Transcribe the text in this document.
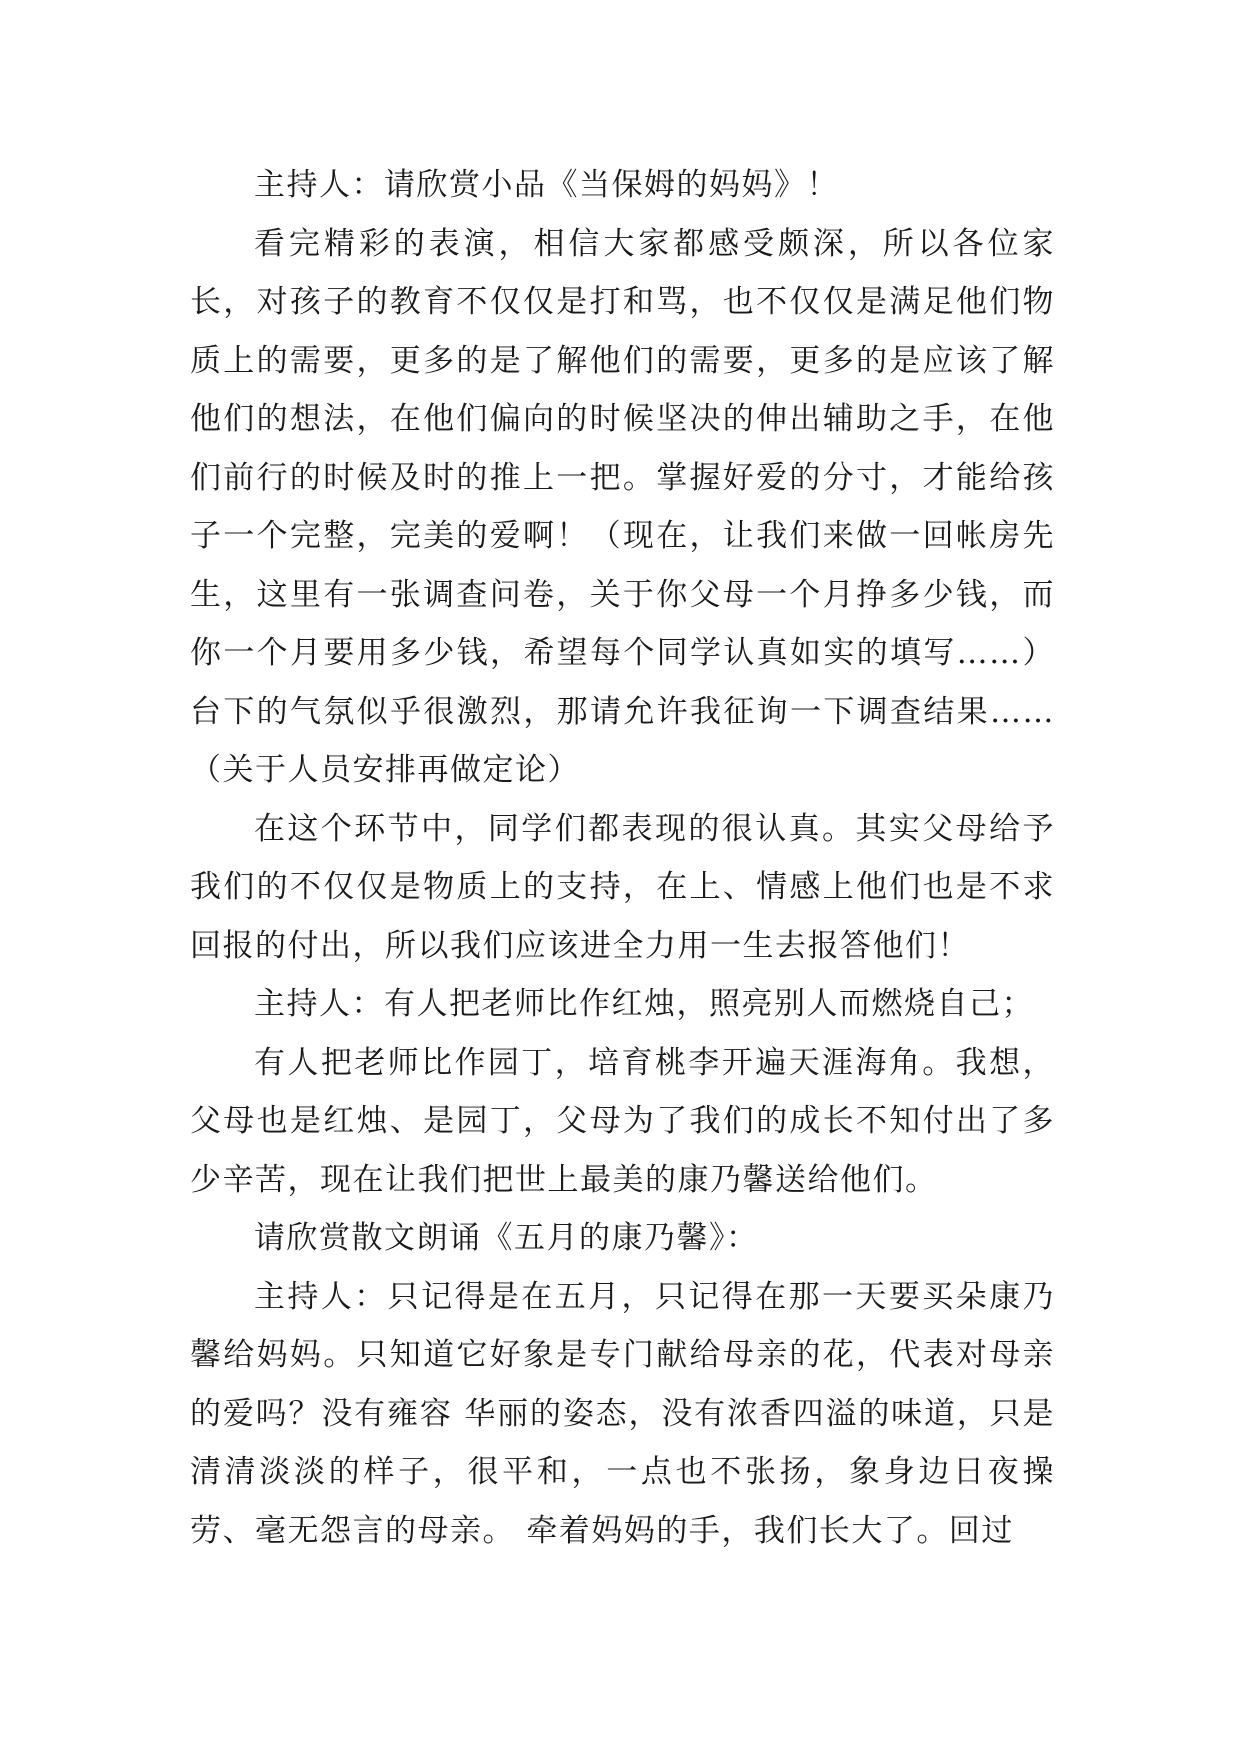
主持人：请欣赏小品《当保姆的妈妈》！

看完精彩的表演，相信大家都感受颇深，所以各位家长，对孩子的教育不仅仅是打和骂，也不仅仅是满足他们物质上的需要，更多的是了解他们的需要，更多的是应该了解他们的想法，在他们偏向的时候坚决的伸出辅助之手，在他们前行的时候及时的推上一把。掌握好爱的分寸，才能给孩子一个完整，完美的爱啊！（现在，让我们来做一回帐房先生，这里有一张调查问卷，关于你父母一个月挣多少钱，而你一个月要用多少钱，希望每个同学认真如实的填写……）台下的气氛似乎很激烈，那请允许我征询一下调查结果……（关于人员安排再做定论）

在这个环节中，同学们都表现的很认真。其实父母给予我们的不仅仅是物质上的支持，在上、情感上他们也是不求回报的付出，所以我们应该进全力用一生去报答他们！

主持人：有人把老师比作红烛，照亮别人而燃烧自己；

有人把老师比作园丁，培育桃李开遍天涯海角。我想，父母也是红烛、是园丁，父母为了我们的成长不知付出了多少辛苦，现在让我们把世上最美的康乃馨送给他们。

请欣赏散文朗诵《五月的康乃馨》：

主持人：只记得是在五月，只记得在那一天要买朵康乃馨给妈妈。只知道它好象是专门献给母亲的花，代表对母亲的爱吗？没有雍容 华丽的姿态，没有浓香四溢的味道，只是清清淡淡的样子，很平和，一点也不张扬，象身边日夜操劳、毫无怨言的母亲。 牵着妈妈的手，我们长大了。回过
